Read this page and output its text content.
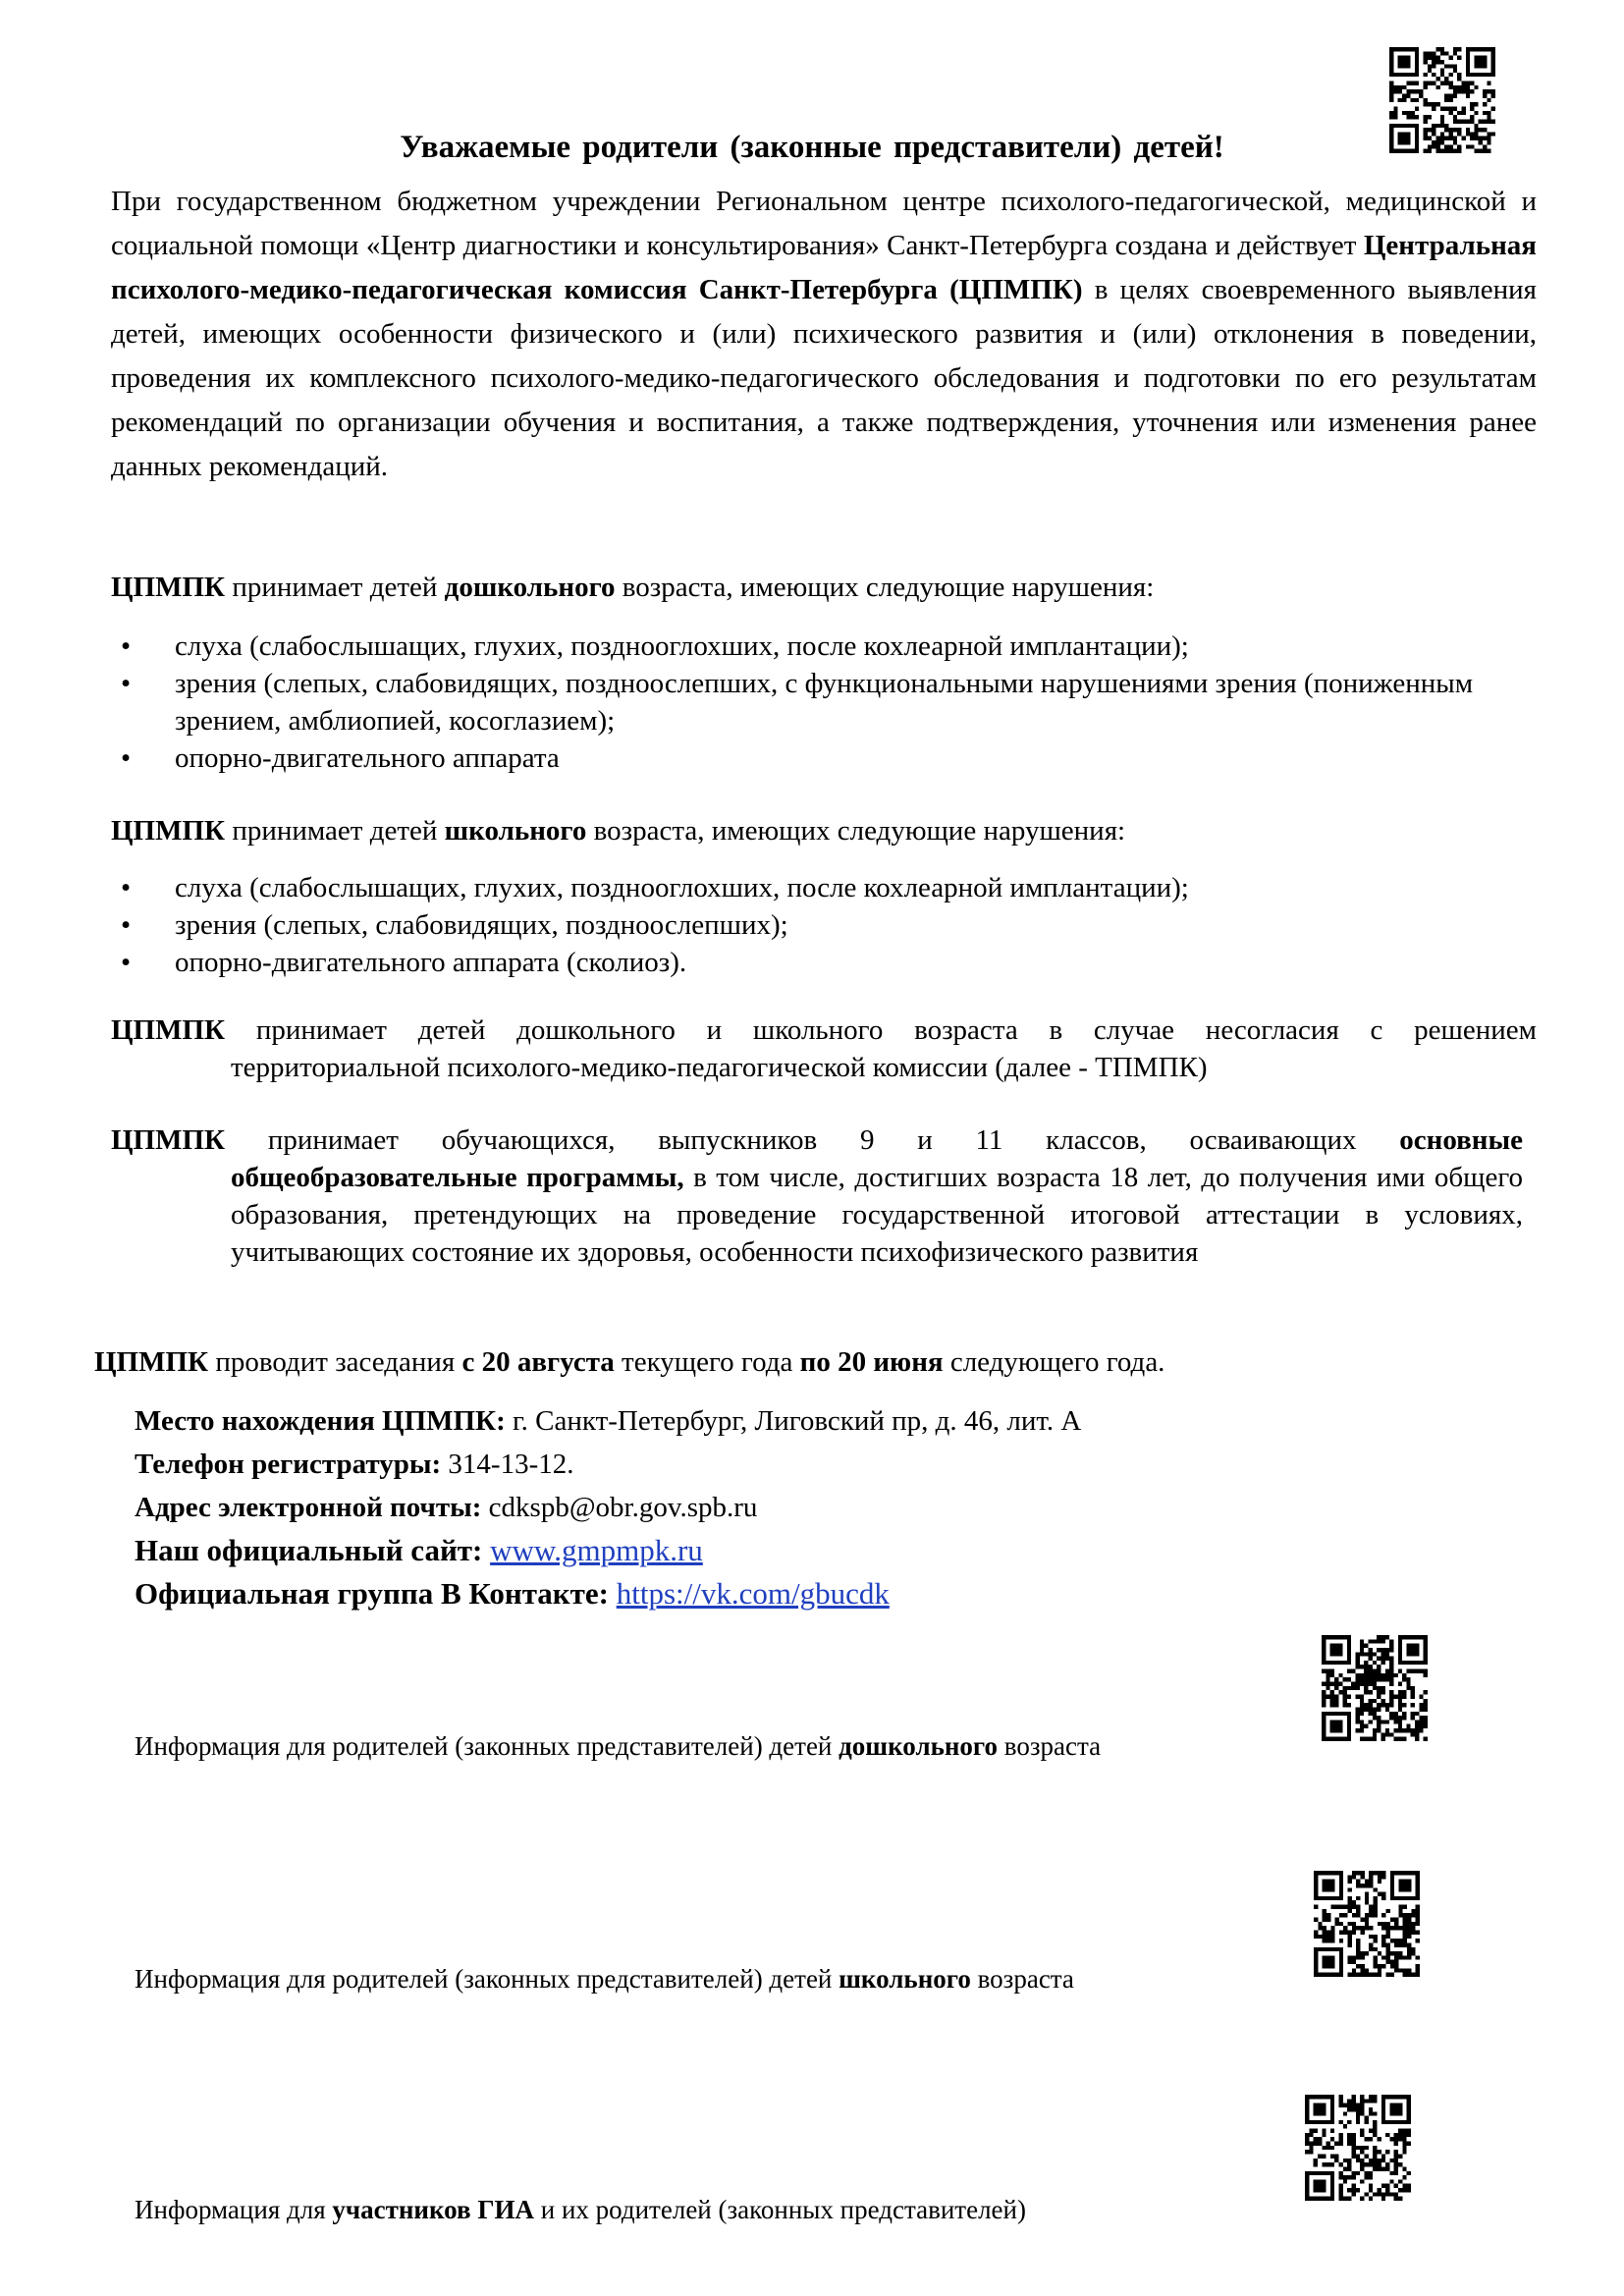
Уважаемые родители (законные представители) детей!
При государственном бюджетном учреждении Региональном центре психолого-педагогической, медицинской и социальной помощи «Центр диагностики и консультирования» Санкт-Петербурга создана и действует Центральная психолого-медико-педагогическая комиссия Санкт-Петербурга (ЦПМПК) в целях своевременного выявления детей, имеющих особенности физического и (или) психического развития и (или) отклонения в поведении, проведения их комплексного психолого-медико-педагогического обследования и подготовки по его результатам рекомендаций по организации обучения и воспитания, а также подтверждения, уточнения или изменения ранее данных рекомендаций.
ЦПМПК принимает детей дошкольного возраста, имеющих следующие нарушения:
• слуха (слабослышащих, глухих, позднооглохших, после кохлеарной имплантации);
• зрения (слепых, слабовидящих, поздноослепших, с функциональными нарушениями зрения (пониженным зрением, амблиопией, косоглазием);
• опорно-двигательного аппарата
ЦПМПК принимает детей школьного возраста, имеющих следующие нарушения:
• слуха (слабослышащих, глухих, позднооглохших, после кохлеарной имплантации);
• зрения (слепых, слабовидящих, поздноослепших);
• опорно-двигательного аппарата (сколиоз).
ЦПМПК принимает детей дошкольного и школьного возраста в случае несогласия с решением
территориальной психолого-медико-педагогической комиссии (далее - ТПМПК)
ЦПМПК принимает обучающихся, выпускников 9 и 11 классов, осваивающих основные
общеобразовательные программы, в том числе, достигших возраста 18 лет, до получения ими общего образования, претендующих на проведение государственной итоговой аттестации в условиях, учитывающих состояние их здоровья, особенности психофизического развития
ЦПМПК проводит заседания с 20 августа текущего года по 20 июня следующего года.
Место нахождения ЦПМПК: г. Санкт-Петербург, Лиговский пр, д. 46, лит. А
Телефон регистратуры: 314-13-12.
Адрес электронной почты: cdkspb@obr.gov.spb.ru
Наш официальный сайт: www.gmpmpk.ru
Официальная группа В Контакте: https://vk.com/gbucdk
Информация для родителей (законных представителей) детей дошкольного возраста
Информация для родителей (законных представителей) детей школьного возраста
Информация для участников ГИА и их родителей (законных представителей)
